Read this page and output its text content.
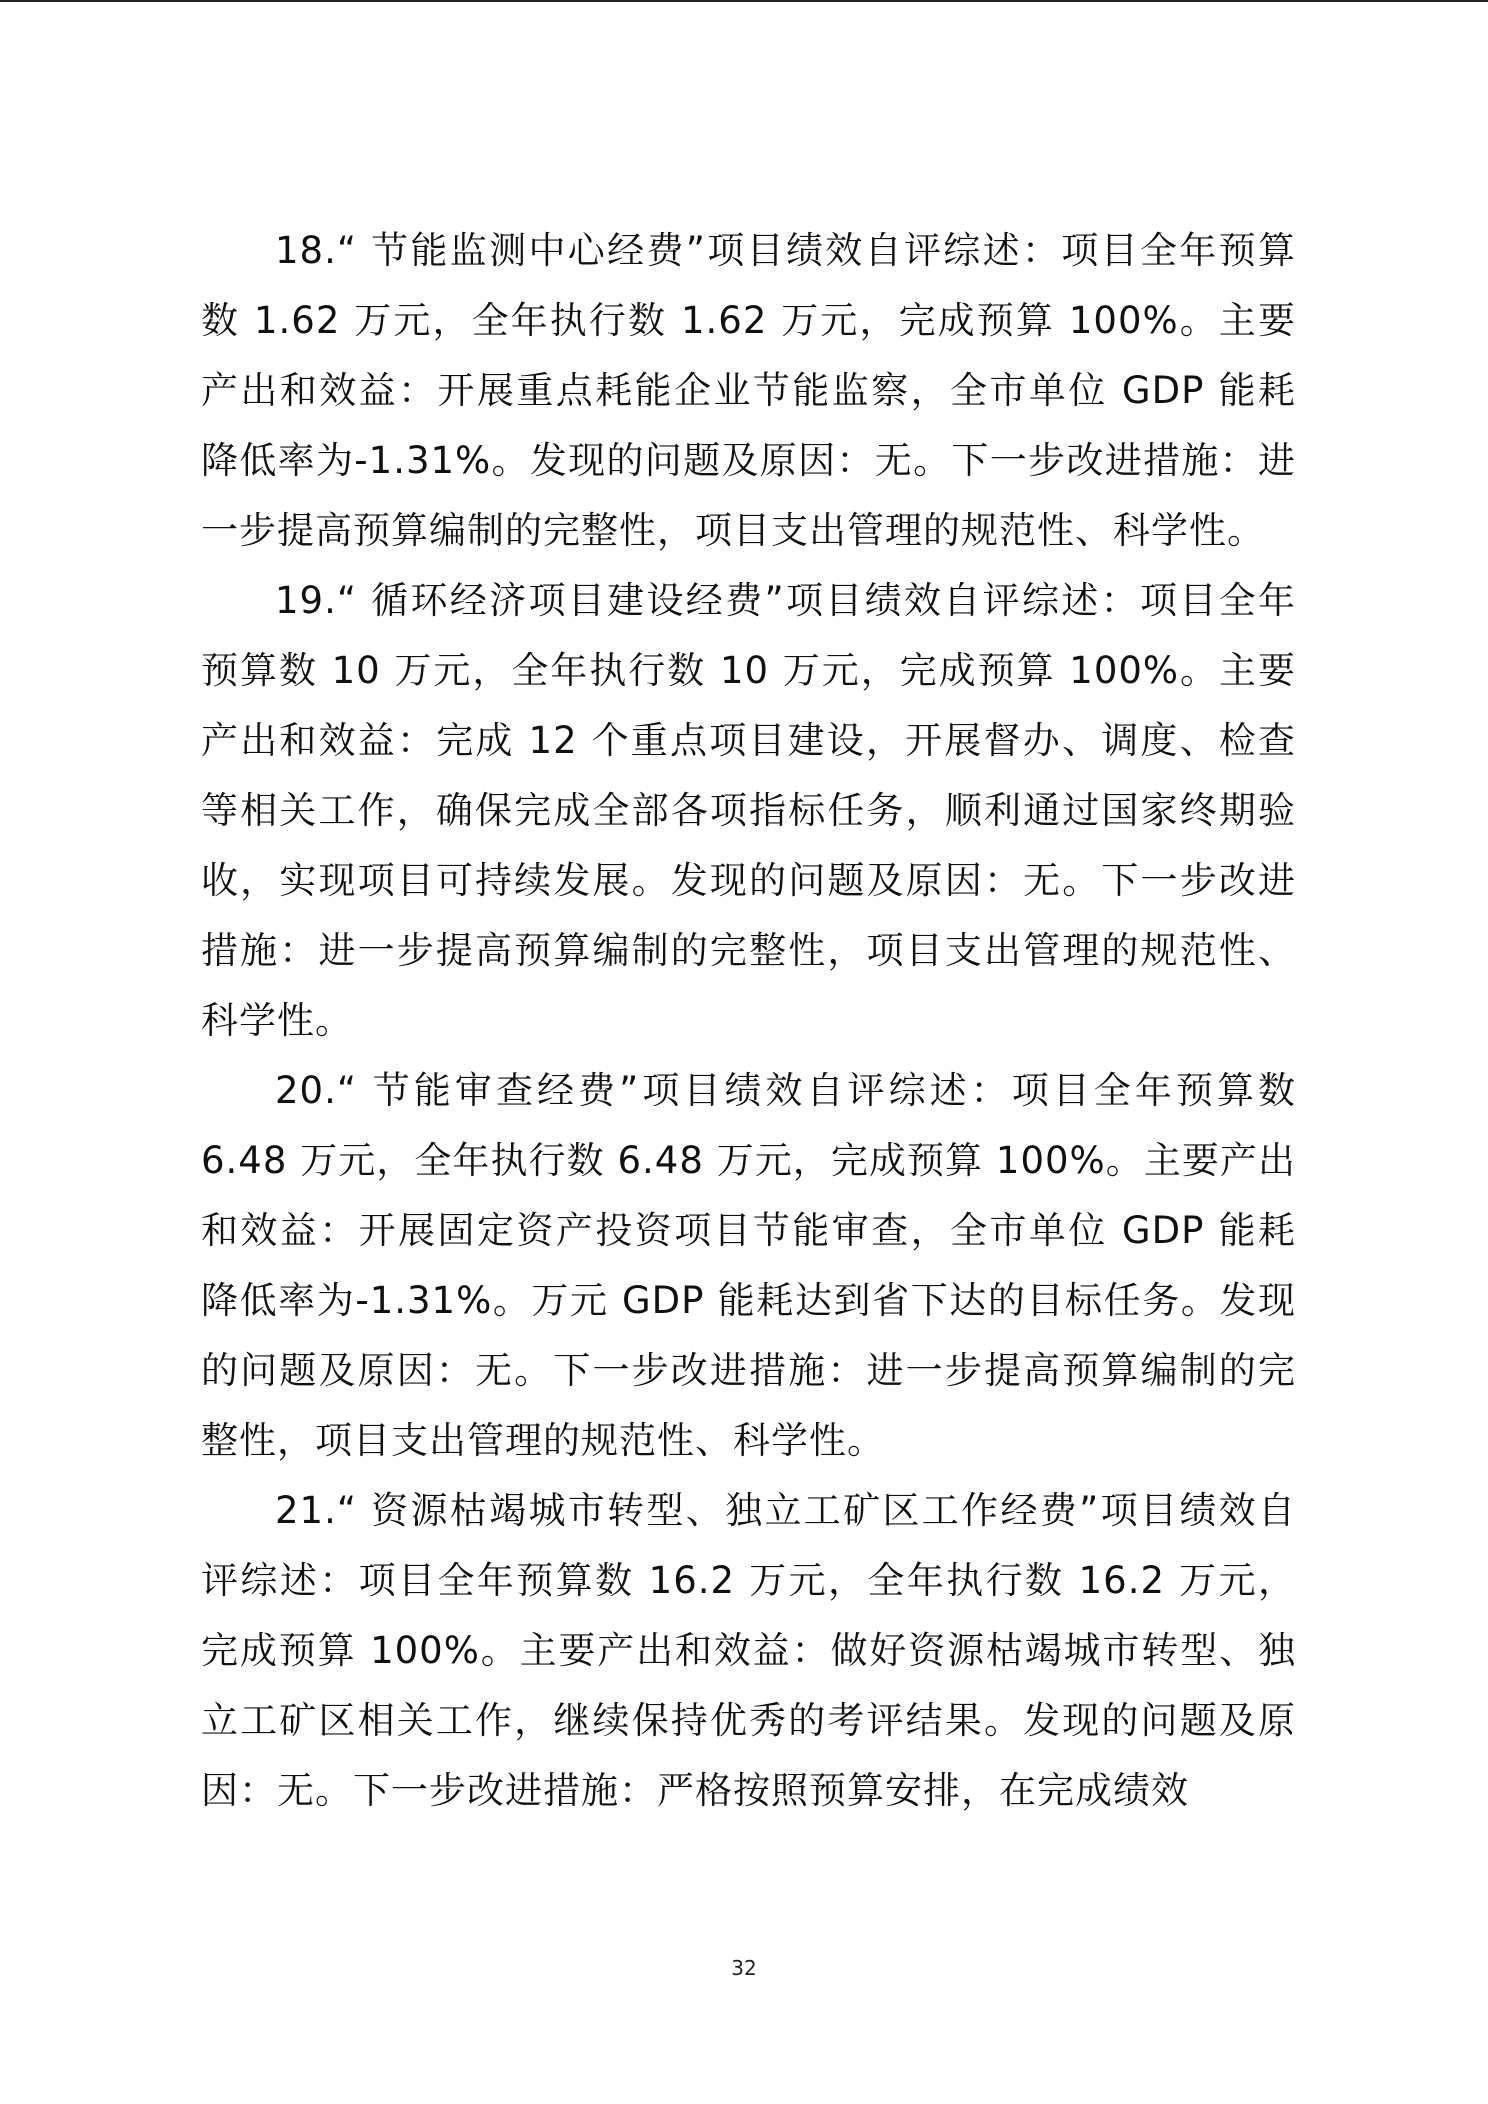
18.“ 节能监测中心经费”项目绩效自评综述：项目全年预算数 1.62 万元，全年执行数 1.62 万元，完成预算 100%。主要产出和效益：开展重点耗能企业节能监察，全市单位 GDP 能耗降低率为-1.31%。发现的问题及原因：无。下一步改进措施：进一步提高预算编制的完整性，项目支出管理的规范性、科学性。

19.“ 循环经济项目建设经费”项目绩效自评综述：项目全年预算数 10 万元，全年执行数 10 万元，完成预算 100%。主要产出和效益：完成 12 个重点项目建设，开展督办、调度、检查等相关工作，确保完成全部各项指标任务，顺利通过国家终期验收，实现项目可持续发展。发现的问题及原因：无。下一步改进措施：进一步提高预算编制的完整性，项目支出管理的规范性、科学性。

20.“ 节能审查经费”项目绩效自评综述：项目全年预算数 6.48 万元，全年执行数 6.48 万元，完成预算 100%。主要产出和效益：开展固定资产投资项目节能审查，全市单位 GDP 能耗降低率为-1.31%。万元 GDP 能耗达到省下达的目标任务。发现的问题及原因：无。下一步改进措施：进一步提高预算编制的完整性，项目支出管理的规范性、科学性。

21.“ 资源枯竭城市转型、独立工矿区工作经费”项目绩效自评综述：项目全年预算数 16.2 万元，全年执行数 16.2 万元，完成预算 100%。主要产出和效益：做好资源枯竭城市转型、独立工矿区相关工作，继续保持优秀的考评结果。发现的问题及原因：无。下一步改进措施：严格按照预算安排，在完成绩效

32
